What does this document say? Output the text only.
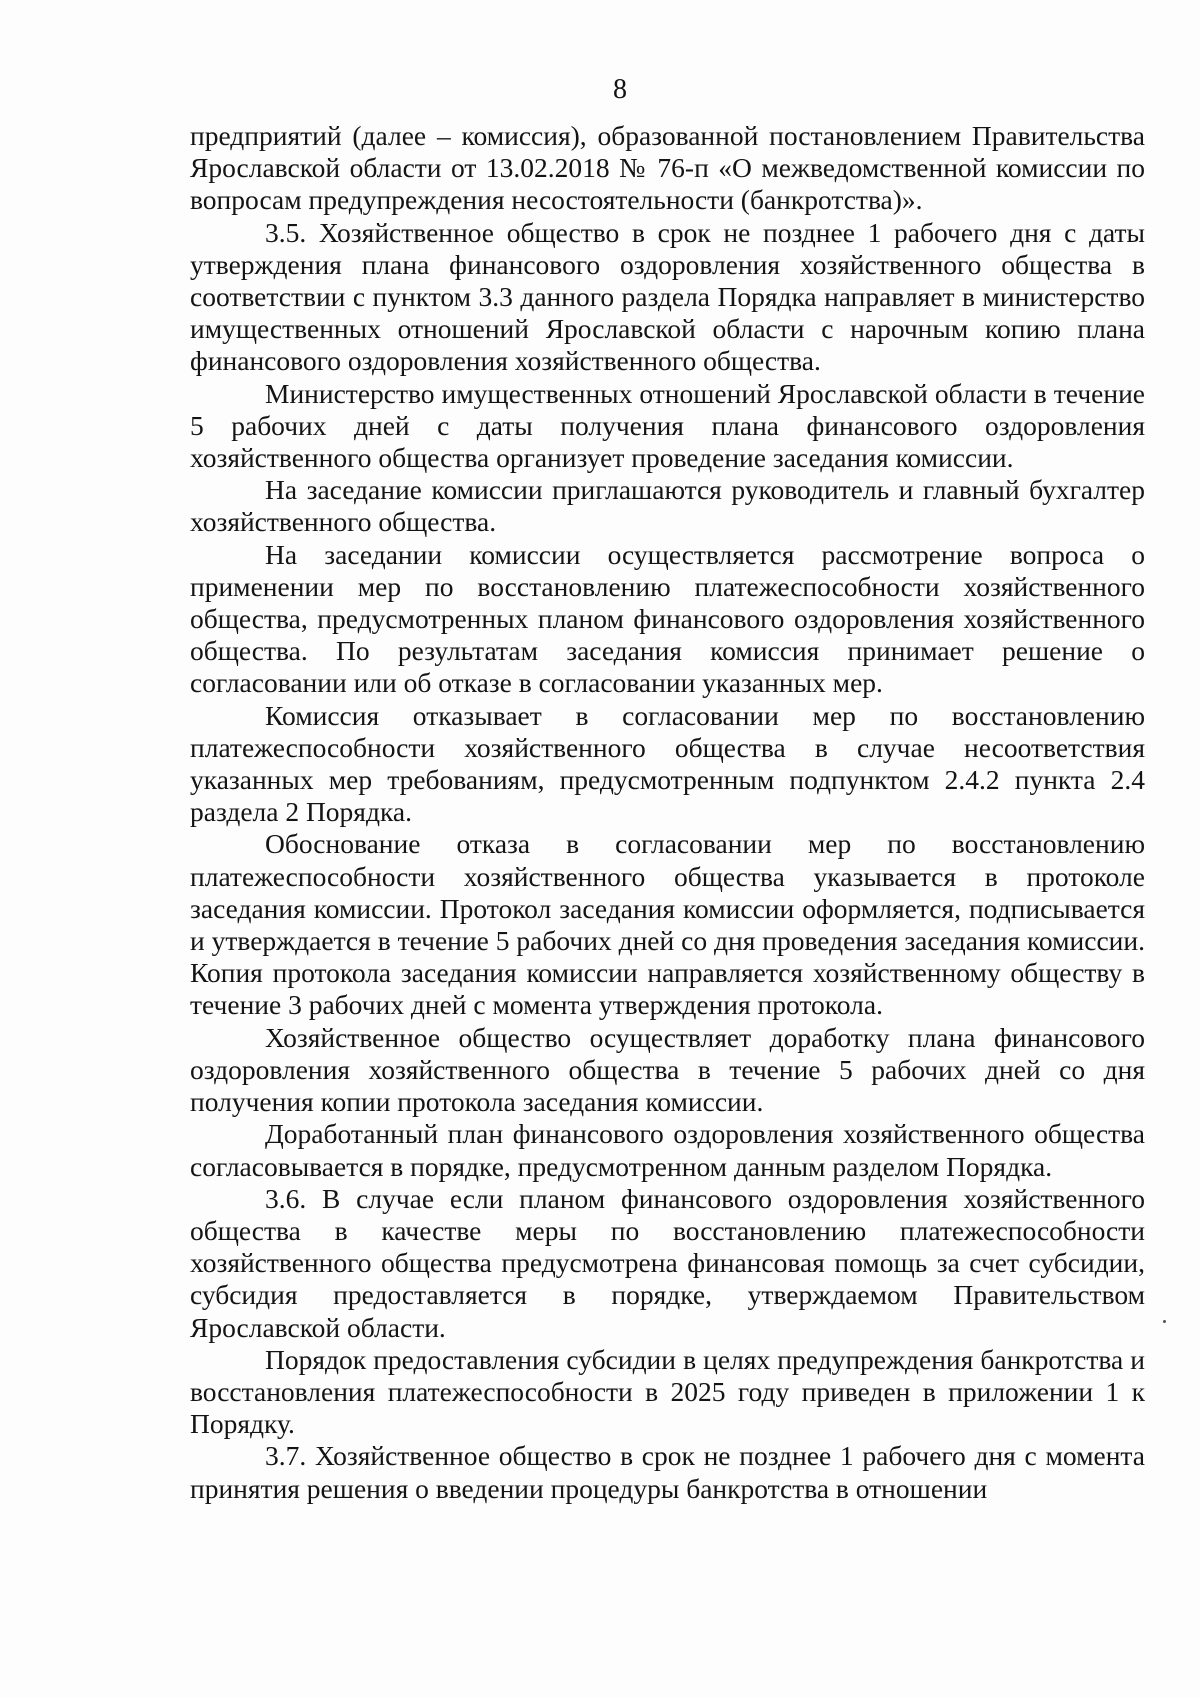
8

предприятий (далее – комиссия), образованной постановлением Правительства Ярославской области от 13.02.2018 № 76-п «О межведомственной комиссии по вопросам предупреждения несостоятельности (банкротства)».

3.5. Хозяйственное общество в срок не позднее 1 рабочего дня с даты утверждения плана финансового оздоровления хозяйственного общества в соответствии с пунктом 3.3 данного раздела Порядка направляет в министерство имущественных отношений Ярославской области с нарочным копию плана финансового оздоровления хозяйственного общества.

Министерство имущественных отношений Ярославской области в течение 5 рабочих дней с даты получения плана финансового оздоровления хозяйственного общества организует проведение заседания комиссии.

На заседание комиссии приглашаются руководитель и главный бухгалтер хозяйственного общества.

На заседании комиссии осуществляется рассмотрение вопроса о применении мер по восстановлению платежеспособности хозяйственного общества, предусмотренных планом финансового оздоровления хозяйственного общества. По результатам заседания комиссия принимает решение о согласовании или об отказе в согласовании указанных мер.

Комиссия отказывает в согласовании мер по восстановлению платежеспособности хозяйственного общества в случае несоответствия указанных мер требованиям, предусмотренным подпунктом 2.4.2 пункта 2.4 раздела 2 Порядка.

Обоснование отказа в согласовании мер по восстановлению платежеспособности хозяйственного общества указывается в протоколе заседания комиссии. Протокол заседания комиссии оформляется, подписывается и утверждается в течение 5 рабочих дней со дня проведения заседания комиссии. Копия протокола заседания комиссии направляется хозяйственному обществу в течение 3 рабочих дней с момента утверждения протокола.

Хозяйственное общество осуществляет доработку плана финансового оздоровления хозяйственного общества в течение 5 рабочих дней со дня получения копии протокола заседания комиссии.

Доработанный план финансового оздоровления хозяйственного общества согласовывается в порядке, предусмотренном данным разделом Порядка.

3.6. В случае если планом финансового оздоровления хозяйственного общества в качестве меры по восстановлению платежеспособности хозяйственного общества предусмотрена финансовая помощь за счет субсидии, субсидия предоставляется в порядке, утверждаемом Правительством Ярославской области.

Порядок предоставления субсидии в целях предупреждения банкротства и восстановления платежеспособности в 2025 году приведен в приложении 1 к Порядку.

3.7. Хозяйственное общество в срок не позднее 1 рабочего дня с момента принятия решения о введении процедуры банкротства в отношении
